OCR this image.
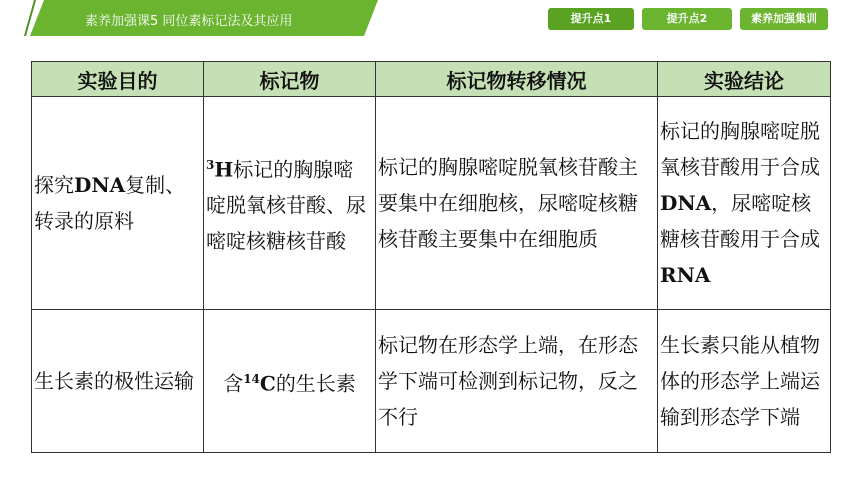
素养加强课5 同位素标记法及其应用	提升点1	提升点2	素养加强集训
实验目的	标记物	标记物转移情况	实验结论
探究DNA复制、转录的原料	$^3$H标记的胸腺嘧啶脱氧核苷酸、尿嘧啶核糖核苷酸	标记的胸腺嘧啶脱氧核苷酸主要集中在细胞核，尿嘧啶核糖核苷酸主要集中在细胞质	标记的胸腺嘧啶脱氧核苷酸用于合成DNA，尿嘧啶核糖核苷酸用于合成RNA
生长素的极性运输	含$^{14}$C的生长素	标记物在形态学上端，在形态学下端可检测到标记物，反之不行	生长素只能从植物体的形态学上端运输到形态学下端
